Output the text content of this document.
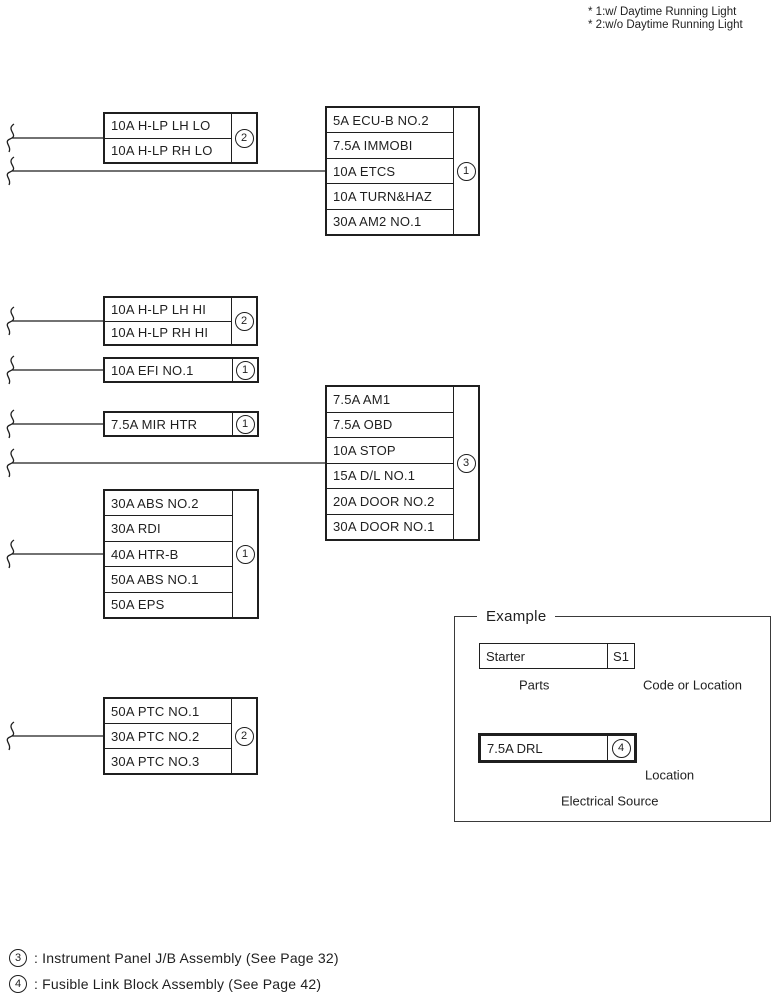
* 1:w/ Daytime Running Light
* 2:w/o Daytime Running Light
10A H-LP LH LO
10A H-LP RH LO
2
5A ECU-B NO.2
7.5A IMMOBI
10A ETCS
10A TURN&HAZ
30A AM2 NO.1
1
10A H-LP LH HI
10A H-LP RH HI
2
10A EFI NO.1	1
7.5A MIR HTR	1
7.5A AM1
7.5A OBD
10A STOP
15A D/L NO.1
20A DOOR NO.2
30A DOOR NO.1
3
30A ABS NO.2
30A RDI
40A HTR-B
50A ABS NO.1
50A EPS
1
50A PTC NO.1
30A PTC NO.2
30A PTC NO.3
2
Example
Starter	S1
Parts	Code or Location
7.5A DRL	4
Location
Electrical Source
3 : Instrument Panel J/B Assembly (See Page 32)
4 : Fusible Link Block Assembly (See Page 42)
